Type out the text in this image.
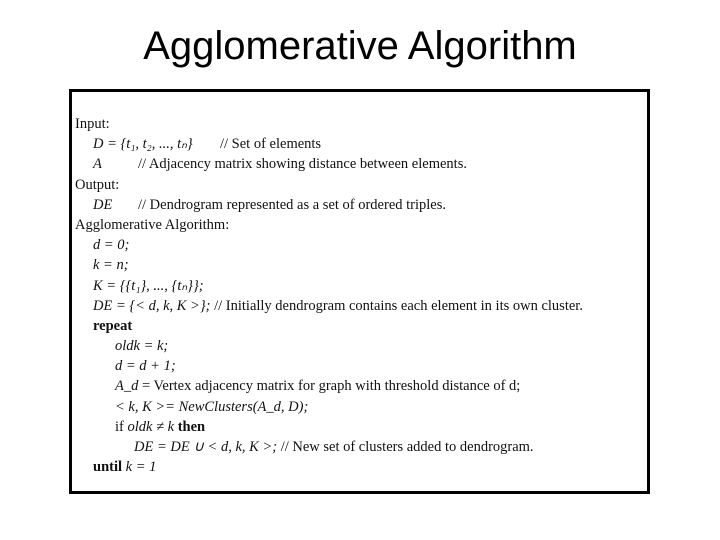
Agglomerative Algorithm
Input:
D = {t₁, t₂, ..., tₙ} // Set of elements
A // Adjacency matrix showing distance between elements.
Output:
DE // Dendrogram represented as a set of ordered triples.
Agglomerative Algorithm:
d = 0;
k = n;
K = {{t₁}, ..., {tₙ}};
DE = {< d, k, K >}; // Initially dendrogram contains each element in its own cluster.
repeat
oldk = k;
d = d + 1;
A_d = Vertex adjacency matrix for graph with threshold distance of d;
< k, K >= NewClusters(A_d, D);
if oldk ≠ k then
DE = DE ∪ < d, k, K >; // New set of clusters added to dendrogram.
until k = 1
